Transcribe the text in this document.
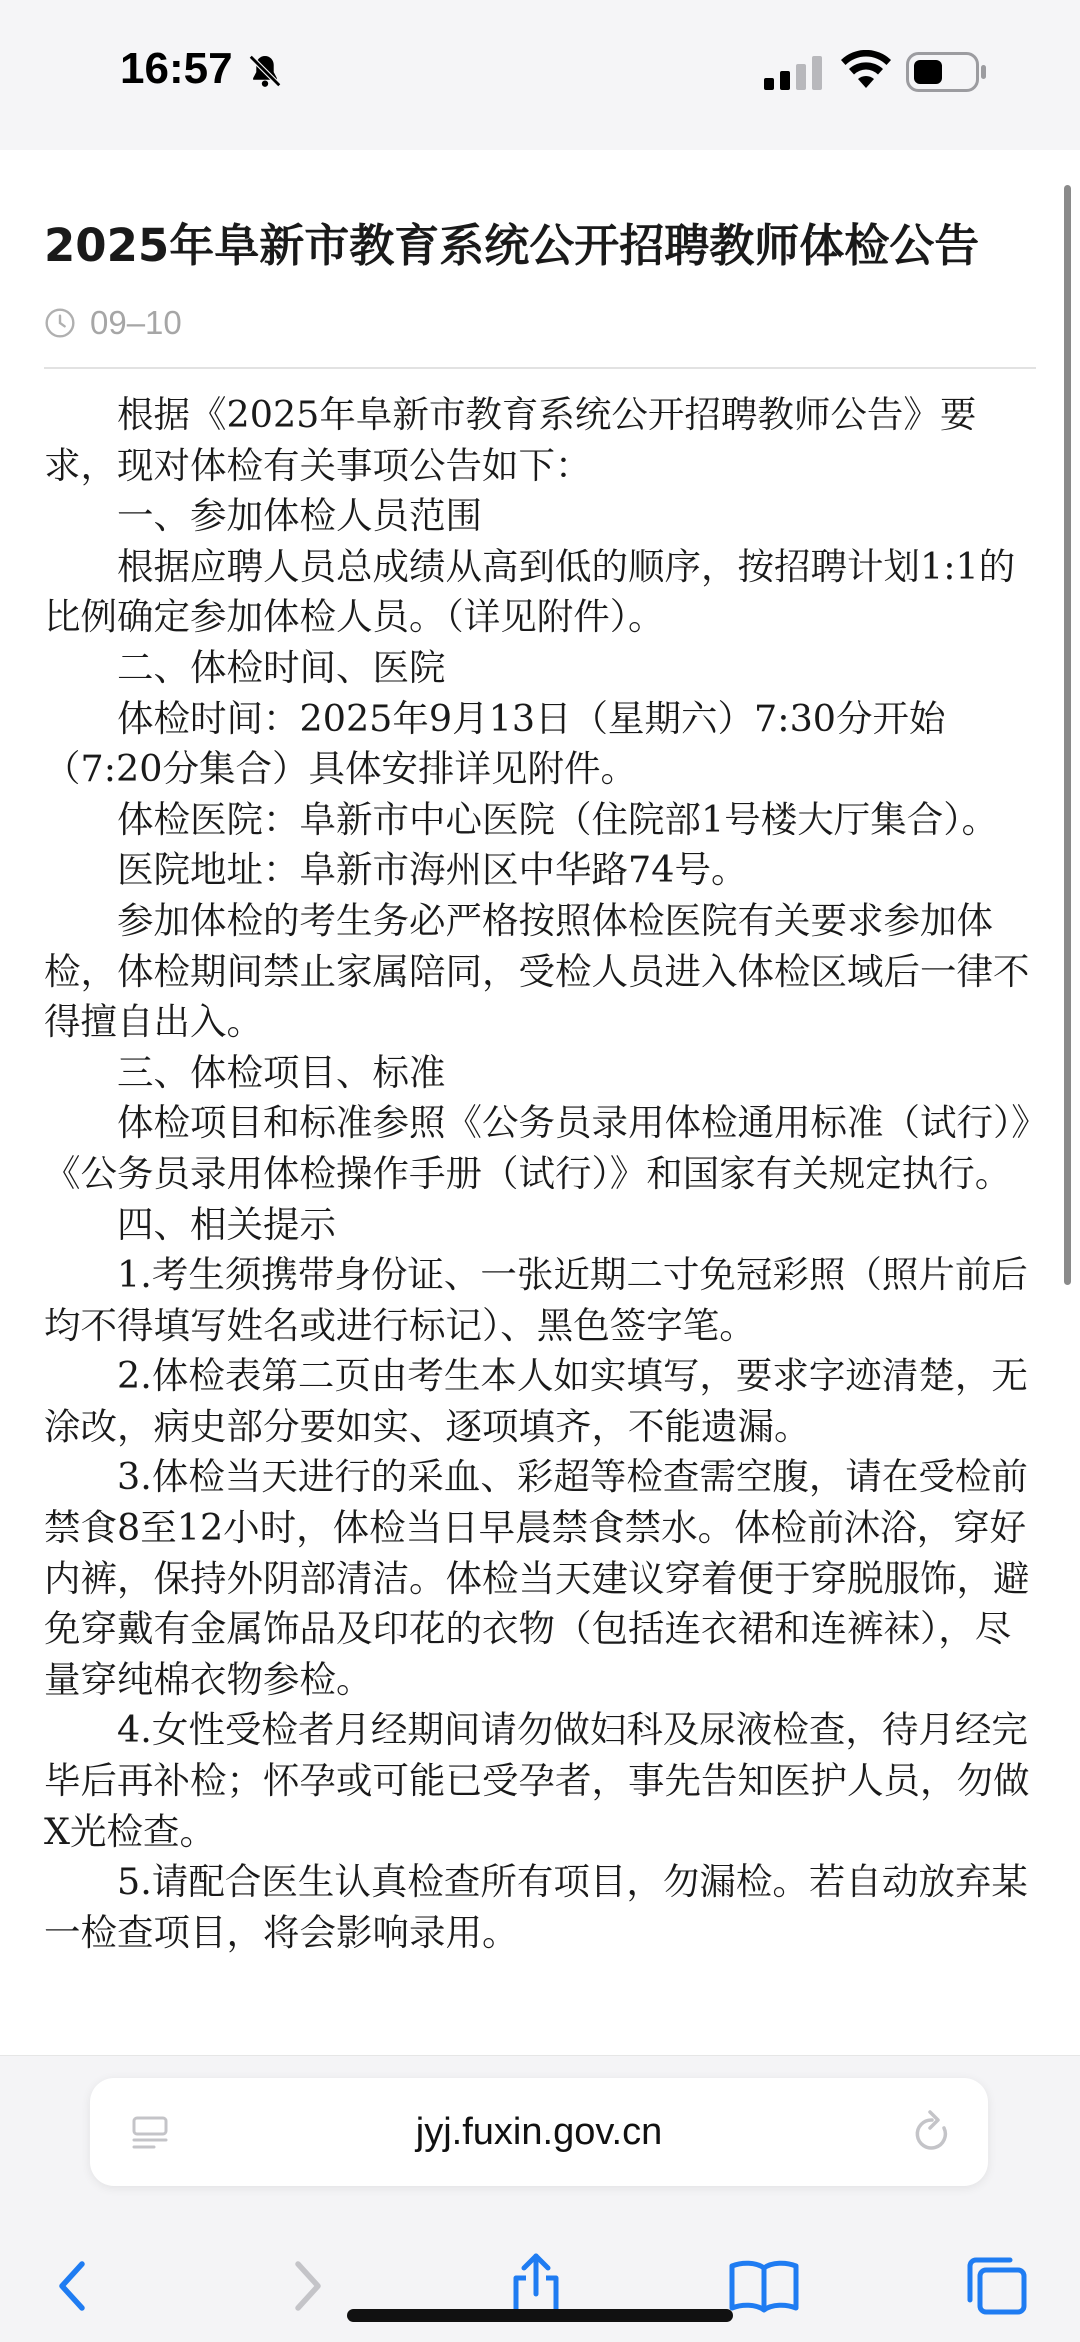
16:57
2025年阜新市教育系统公开招聘教师体检公告
09–10

根据《2025年阜新市教育系统公开招聘教师公告》要求，现对体检有关事项公告如下：

一、参加体检人员范围

根据应聘人员总成绩从高到低的顺序，按招聘计划1:1的比例确定参加体检人员。（详见附件）。

二、体检时间、医院

体检时间：2025年9月13日（星期六）7:30分开始（7:20分集合）具体安排详见附件。

体检医院：阜新市中心医院（住院部1号楼大厅集合）。

医院地址：阜新市海州区中华路74号。

参加体检的考生务必严格按照体检医院有关要求参加体检，体检期间禁止家属陪同，受检人员进入体检区域后一律不得擅自出入。

三、体检项目、标准

体检项目和标准参照《公务员录用体检通用标准（试行）》《公务员录用体检操作手册（试行）》和国家有关规定执行。

四、相关提示

1.考生须携带身份证、一张近期二寸免冠彩照（照片前后均不得填写姓名或进行标记）、黑色签字笔。

2.体检表第二页由考生本人如实填写，要求字迹清楚，无涂改，病史部分要如实、逐项填齐，不能遗漏。

3.体检当天进行的采血、彩超等检查需空腹，请在受检前禁食8至12小时，体检当日早晨禁食禁水。体检前沐浴，穿好内裤，保持外阴部清洁。体检当天建议穿着便于穿脱服饰，避免穿戴有金属饰品及印花的衣物（包括连衣裙和连裤袜），尽量穿纯棉衣物参检。

4.女性受检者月经期间请勿做妇科及尿液检查，待月经完毕后再补检；怀孕或可能已受孕者，事先告知医护人员，勿做X光检查。

5.请配合医生认真检查所有项目，勿漏检。若自动放弃某一检查项目，将会影响录用。

jyj.fuxin.gov.cn
